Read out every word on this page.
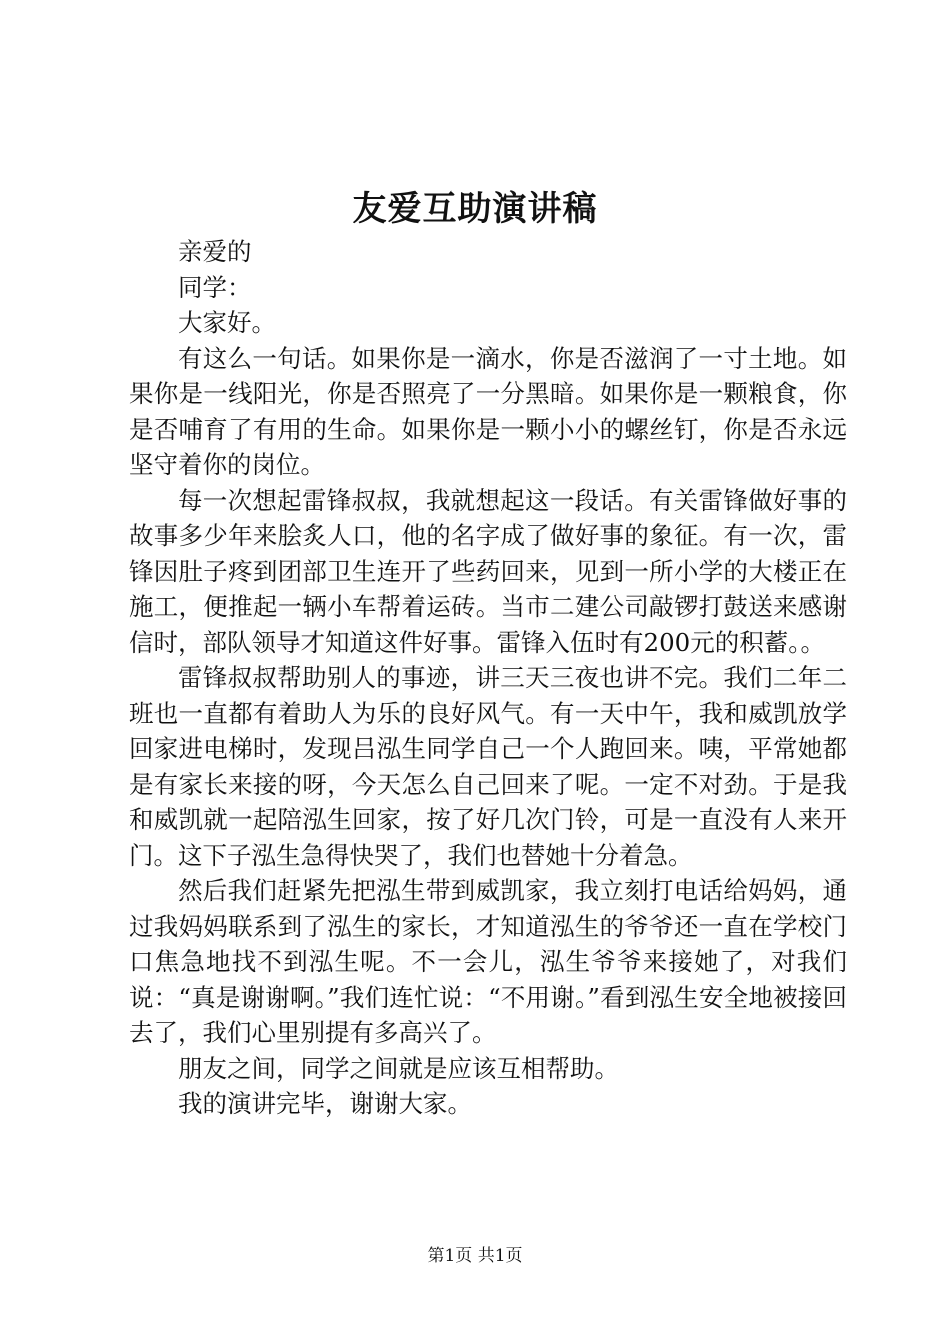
友爱互助演讲稿

亲爱的

同学：

大家好。

有这么一句话。如果你是一滴水，你是否滋润了一寸土地。如果你是一线阳光，你是否照亮了一分黑暗。如果你是一颗粮食，你是否哺育了有用的生命。如果你是一颗小小的螺丝钉，你是否永远坚守着你的岗位。

每一次想起雷锋叔叔，我就想起这一段话。有关雷锋做好事的故事多少年来脍炙人口，他的名字成了做好事的象征。有一次，雷锋因肚子疼到团部卫生连开了些药回来，见到一所小学的大楼正在施工，便推起一辆小车帮着运砖。当市二建公司敲锣打鼓送来感谢信时，部队领导才知道这件好事。雷锋入伍时有200元的积蓄。。

雷锋叔叔帮助别人的事迹，讲三天三夜也讲不完。我们二年二班也一直都有着助人为乐的良好风气。有一天中午，我和威凯放学回家进电梯时，发现吕泓生同学自己一个人跑回来。咦，平常她都是有家长来接的呀，今天怎么自己回来了呢。一定不对劲。于是我和威凯就一起陪泓生回家，按了好几次门铃，可是一直没有人来开门。这下子泓生急得快哭了，我们也替她十分着急。

然后我们赶紧先把泓生带到威凯家，我立刻打电话给妈妈，通过我妈妈联系到了泓生的家长，才知道泓生的爷爷还一直在学校门口焦急地找不到泓生呢。不一会儿，泓生爷爷来接她了，对我们说：“真是谢谢啊。”我们连忙说：“不用谢。”看到泓生安全地被接回去了，我们心里别提有多高兴了。

朋友之间，同学之间就是应该互相帮助。

我的演讲完毕，谢谢大家。

第1页 共1页
